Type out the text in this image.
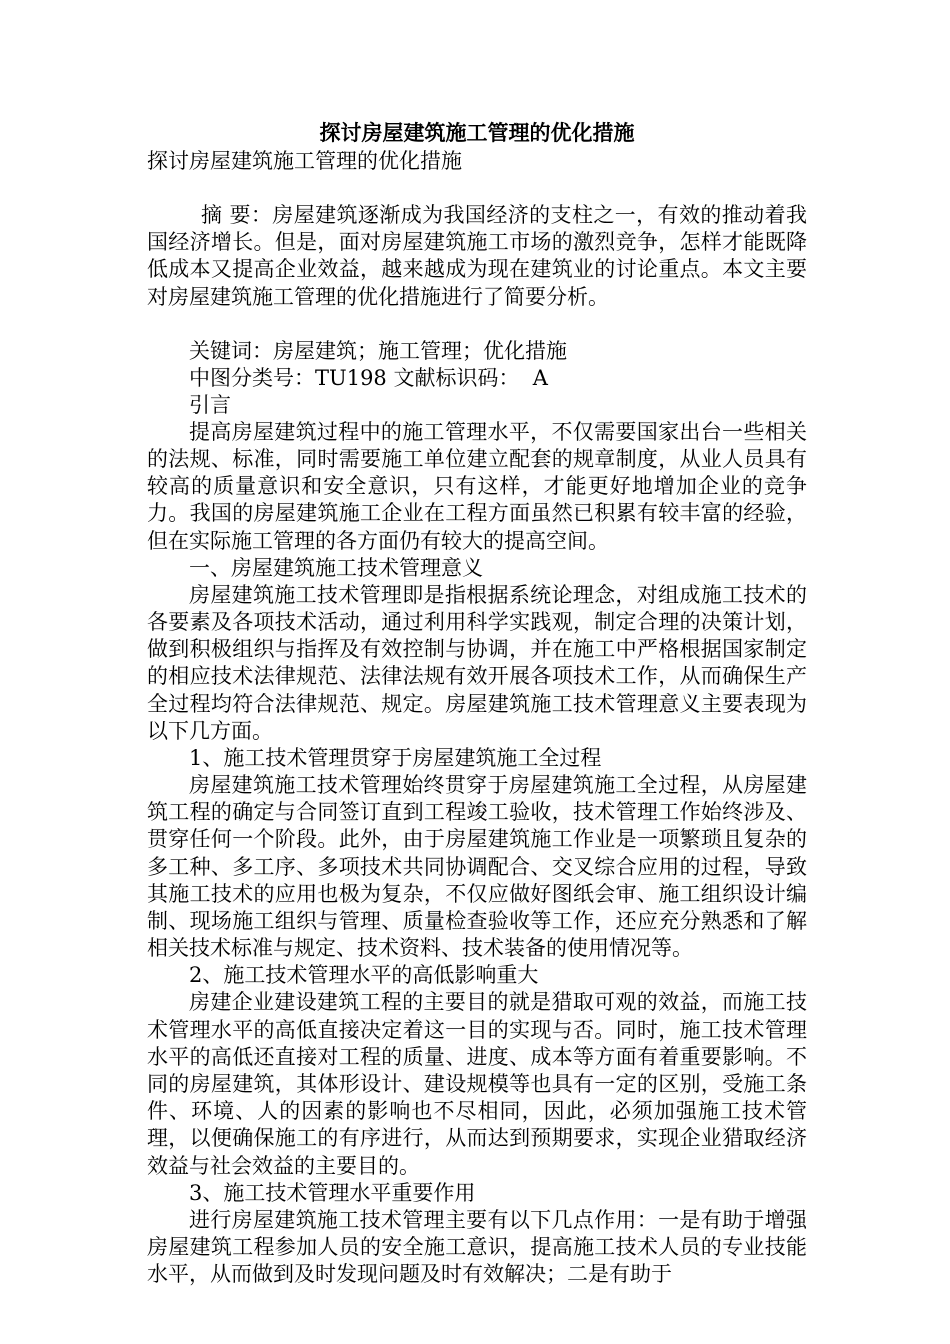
探讨房屋建筑施工管理的优化措施

探讨房屋建筑施工管理的优化措施

摘 要：房屋建筑逐渐成为我国经济的支柱之一，有效的推动着我国经济增长。但是，面对房屋建筑施工市场的激烈竞争，怎样才能既降低成本又提高企业效益，越来越成为现在建筑业的讨论重点。本文主要对房屋建筑施工管理的优化措施进行了简要分析。

关键词：房屋建筑；施工管理；优化措施

中图分类号：TU198 文献标识码：  A

引言

提高房屋建筑过程中的施工管理水平，不仅需要国家出台一些相关的法规、标准，同时需要施工单位建立配套的规章制度，从业人员具有较高的质量意识和安全意识，只有这样，才能更好地增加企业的竞争力。我国的房屋建筑施工企业在工程方面虽然已积累有较丰富的经验，但在实际施工管理的各方面仍有较大的提高空间。

一、房屋建筑施工技术管理意义

房屋建筑施工技术管理即是指根据系统论理念，对组成施工技术的各要素及各项技术活动，通过利用科学实践观，制定合理的决策计划，做到积极组织与指挥及有效控制与协调，并在施工中严格根据国家制定的相应技术法律规范、法律法规有效开展各项技术工作，从而确保生产全过程均符合法律规范、规定。房屋建筑施工技术管理意义主要表现为以下几方面。

1、施工技术管理贯穿于房屋建筑施工全过程

房屋建筑施工技术管理始终贯穿于房屋建筑施工全过程，从房屋建筑工程的确定与合同签订直到工程竣工验收，技术管理工作始终涉及、贯穿任何一个阶段。此外，由于房屋建筑施工作业是一项繁琐且复杂的多工种、多工序、多项技术共同协调配合、交叉综合应用的过程，导致其施工技术的应用也极为复杂，不仅应做好图纸会审、施工组织设计编制、现场施工组织与管理、质量检查验收等工作，还应充分熟悉和了解相关技术标准与规定、技术资料、技术装备的使用情况等。

2、施工技术管理水平的高低影响重大

房建企业建设建筑工程的主要目的就是猎取可观的效益，而施工技术管理水平的高低直接决定着这一目的实现与否。同时，施工技术管理水平的高低还直接对工程的质量、进度、成本等方面有着重要影响。不同的房屋建筑，其体形设计、建设规模等也具有一定的区别，受施工条件、环境、人的因素的影响也不尽相同，因此，必须加强施工技术管理，以便确保施工的有序进行，从而达到预期要求，实现企业猎取经济效益与社会效益的主要目的。

3、施工技术管理水平重要作用

进行房屋建筑施工技术管理主要有以下几点作用：一是有助于增强房屋建筑工程参加人员的安全施工意识，提高施工技术人员的专业技能水平，从而做到及时发现问题及时有效解决；二是有助于
